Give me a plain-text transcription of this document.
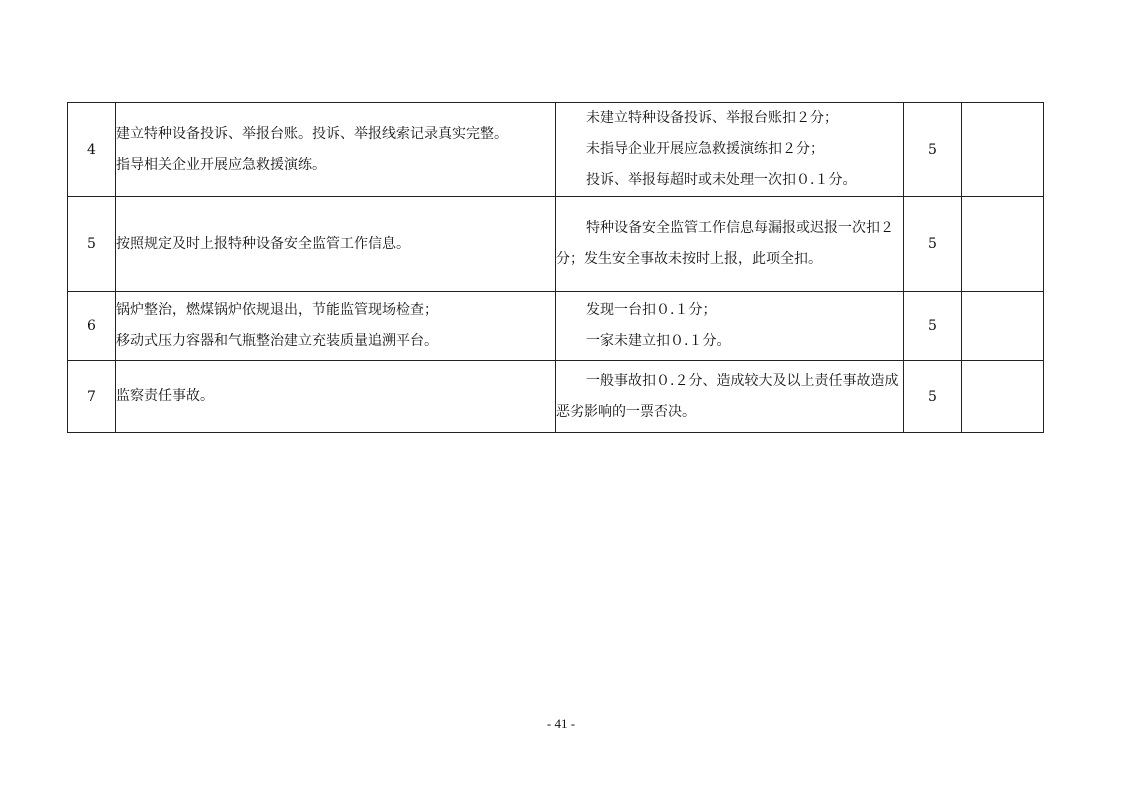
4	建立特种设备投诉、举报台账。投诉、举报线索记录真实完整。
指导相关企业开展应急救援演练。	未建立特种设备投诉、举报台账扣２分；
未指导企业开展应急救援演练扣２分；
投诉、举报每超时或未处理一次扣０.１分。	5	
5	按照规定及时上报特种设备安全监管工作信息。	特种设备安全监管工作信息每漏报或迟报一次扣２分；发生安全事故未按时上报，此项全扣。	5	
6	锅炉整治，燃煤锅炉依规退出，节能监管现场检查；
移动式压力容器和气瓶整治建立充装质量追溯平台。	发现一台扣０.１分；
一家未建立扣０.１分。	5	
7	监察责任事故。	一般事故扣０.２分、造成较大及以上责任事故造成恶劣影响的一票否决。	5	
- 41 -
